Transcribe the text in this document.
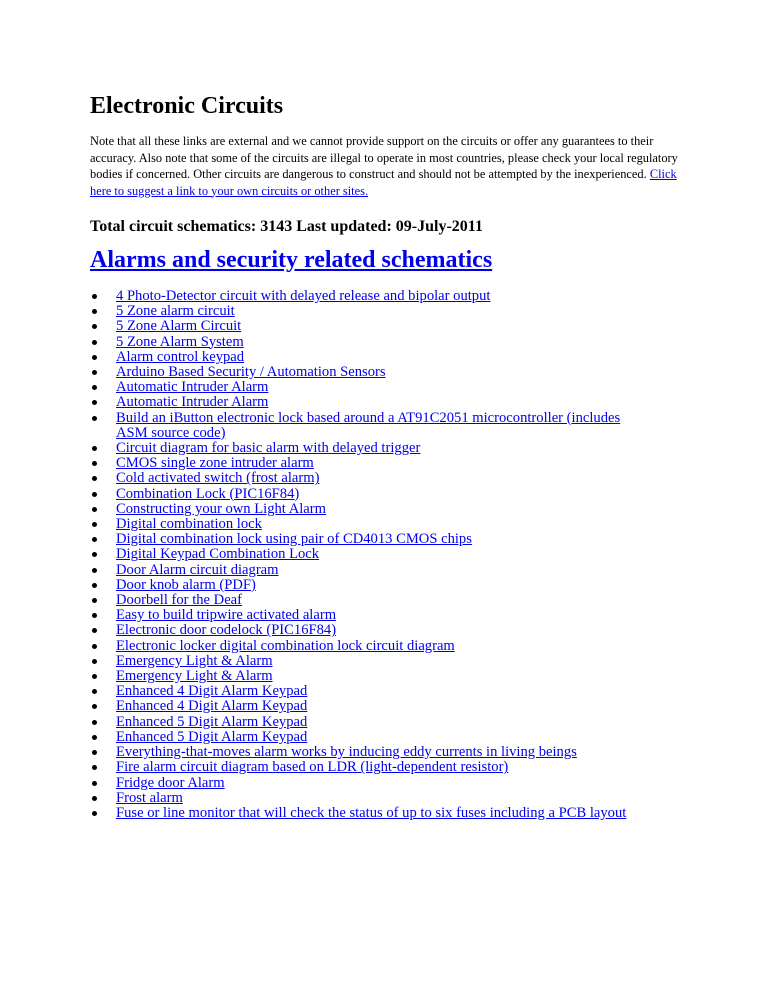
Electronic Circuits

Note that all these links are external and we cannot provide support on the circuits or offer any guarantees to their accuracy. Also note that some of the circuits are illegal to operate in most countries, please check your local regulatory bodies if concerned. Other circuits are dangerous to construct and should not be attempted by the inexperienced. Click here to suggest a link to your own circuits or other sites.

Total circuit schematics: 3143 Last updated: 09-July-2011

Alarms and security related schematics
4 Photo-Detector circuit with delayed release and bipolar output
5 Zone alarm circuit
5 Zone Alarm Circuit
5 Zone Alarm System
Alarm control keypad
Arduino Based Security / Automation Sensors
Automatic Intruder Alarm
Automatic Intruder Alarm
Build an iButton electronic lock based around a AT91C2051 microcontroller (includes ASM source code)
Circuit diagram for basic alarm with delayed trigger
CMOS single zone intruder alarm
Cold activated switch (frost alarm)
Combination Lock (PIC16F84)
Constructing your own Light Alarm
Digital combination lock
Digital combination lock using pair of CD4013 CMOS chips
Digital Keypad Combination Lock
Door Alarm circuit diagram
Door knob alarm (PDF)
Doorbell for the Deaf
Easy to build tripwire activated alarm
Electronic door codelock (PIC16F84)
Electronic locker digital combination lock circuit diagram
Emergency Light & Alarm
Emergency Light & Alarm
Enhanced 4 Digit Alarm Keypad
Enhanced 4 Digit Alarm Keypad
Enhanced 5 Digit Alarm Keypad
Enhanced 5 Digit Alarm Keypad
Everything-that-moves alarm works by inducing eddy currents in living beings
Fire alarm circuit diagram based on LDR (light-dependent resistor)
Fridge door Alarm
Frost alarm
Fuse or line monitor that will check the status of up to six fuses including a PCB layout
